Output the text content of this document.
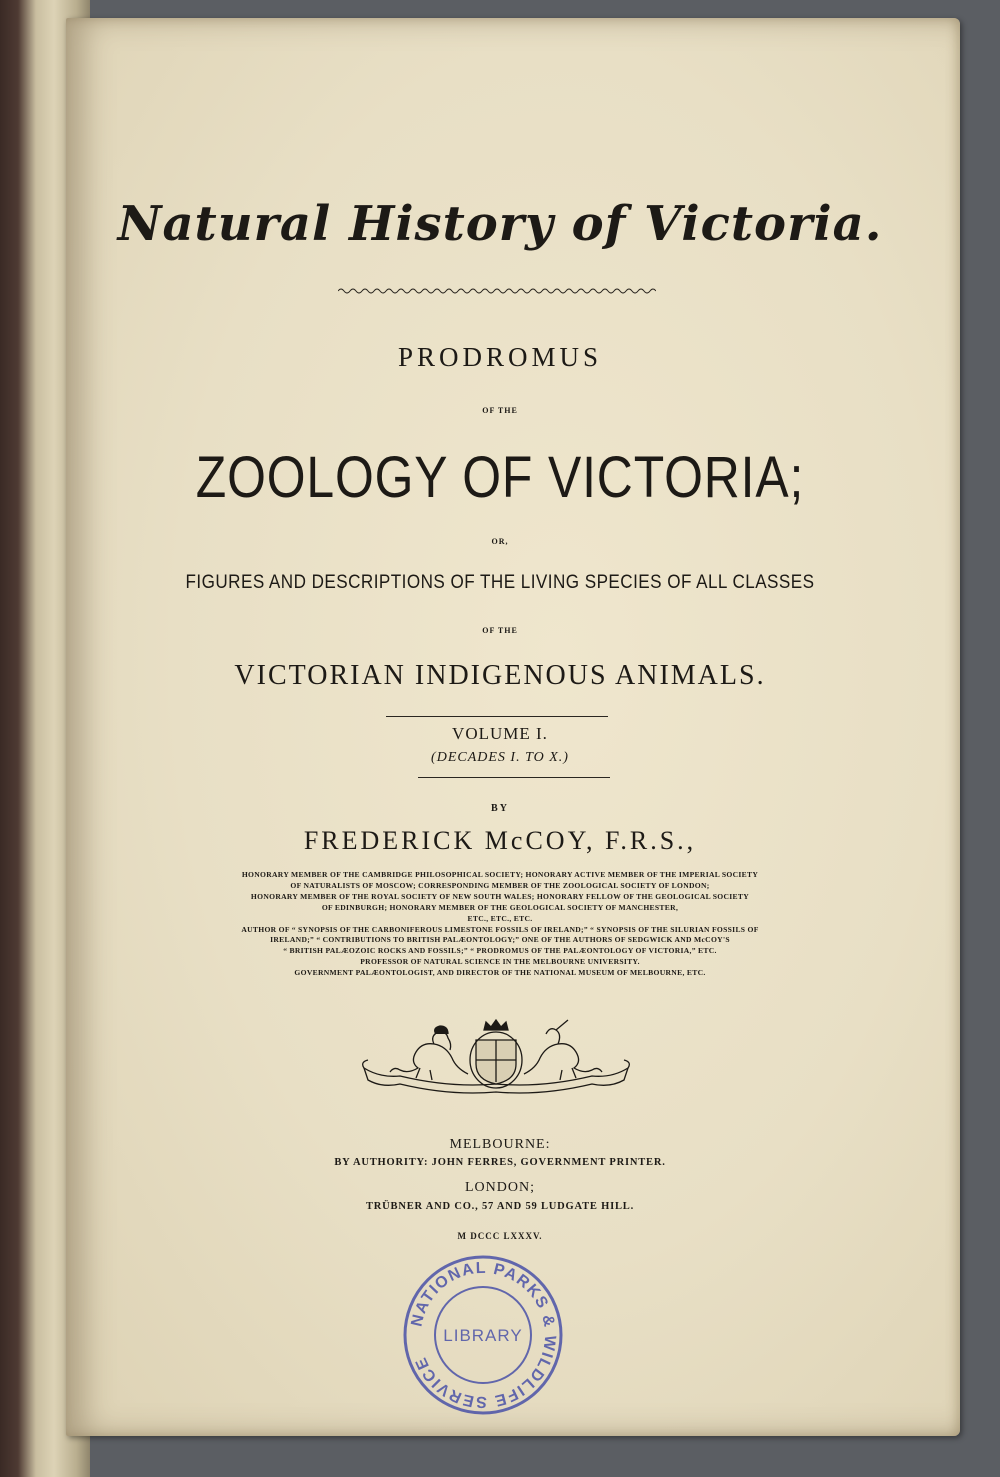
Natural History of Victoria.
PRODROMUS
OF THE
ZOOLOGY OF VICTORIA;
OR,
FIGURES AND DESCRIPTIONS OF THE LIVING SPECIES OF ALL CLASSES
OF THE
VICTORIAN INDIGENOUS ANIMALS.
VOLUME I.
(DECADES I. TO X.)
BY
FREDERICK McCOY, F.R.S.,
HONORARY MEMBER OF THE CAMBRIDGE PHILOSOPHICAL SOCIETY; HONORARY ACTIVE MEMBER OF THE IMPERIAL SOCIETY
OF NATURALISTS OF MOSCOW; CORRESPONDING MEMBER OF THE ZOOLOGICAL SOCIETY OF LONDON;
HONORARY MEMBER OF THE ROYAL SOCIETY OF NEW SOUTH WALES; HONORARY FELLOW OF THE GEOLOGICAL SOCIETY
OF EDINBURGH; HONORARY MEMBER OF THE GEOLOGICAL SOCIETY OF MANCHESTER,
ETC., ETC., ETC.
AUTHOR OF “ SYNOPSIS OF THE CARBONIFEROUS LIMESTONE FOSSILS OF IRELAND;” “ SYNOPSIS OF THE SILURIAN FOSSILS OF
IRELAND;” “ CONTRIBUTIONS TO BRITISH PALÆONTOLOGY;” ONE OF THE AUTHORS OF SEDGWICK AND McCOY'S
“ BRITISH PALÆOZOIC ROCKS AND FOSSILS;” “ PRODROMUS OF THE PALÆONTOLOGY OF VICTORIA,” ETC.
PROFESSOR OF NATURAL SCIENCE IN THE MELBOURNE UNIVERSITY.
GOVERNMENT PALÆONTOLOGIST, AND DIRECTOR OF THE NATIONAL MUSEUM OF MELBOURNE, ETC.
MELBOURNE:
BY AUTHORITY: JOHN FERRES, GOVERNMENT PRINTER.
LONDON;
TRÜBNER AND CO., 57 AND 59 LUDGATE HILL.
M DCCC LXXXV.
NATIONAL PARKS & WILDLIFE SERVICE
LIBRARY
